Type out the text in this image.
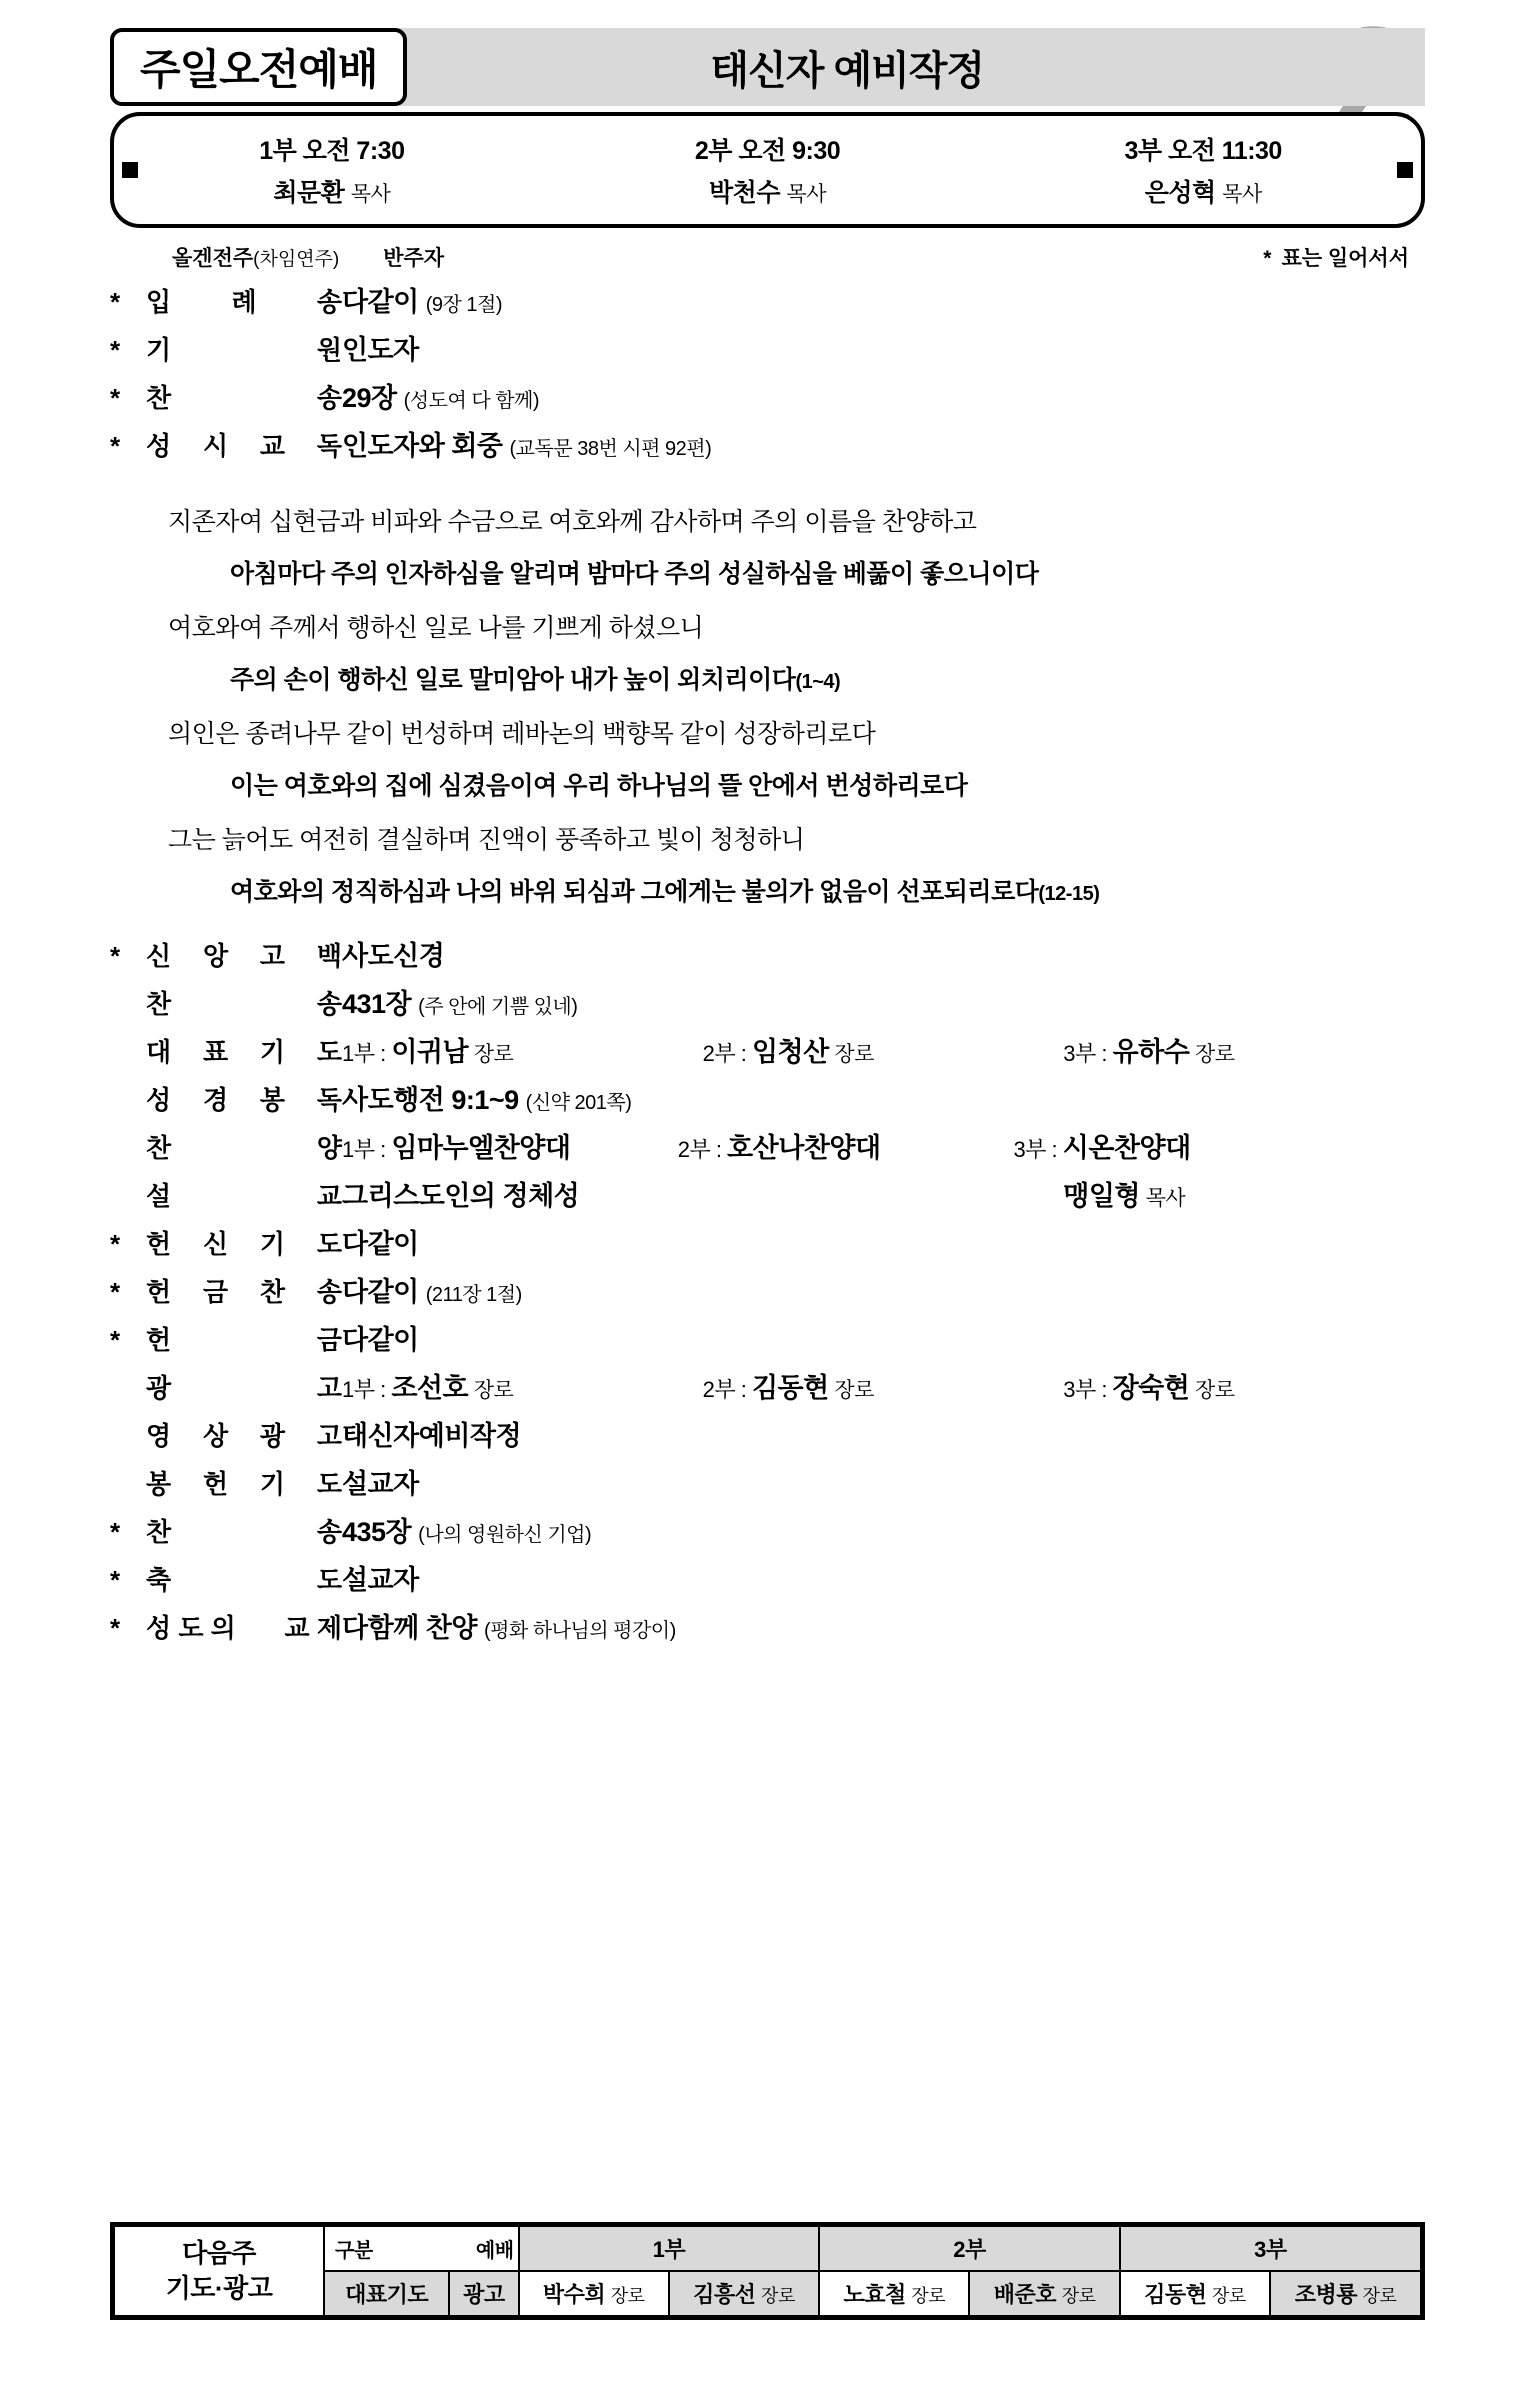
주일오전예배	태신자 예비작정
1부 오전 7:30
최문환 목사
2부 오전 9:30
박천수 목사
3부 오전 11:30
은성혁 목사
올겐전주(차임연주) 반주자	* 표는 일어서서
* 입 례 송 다같이 (9장 1절)
* 기	원 인도자
* 찬	송 29장 (성도여 다 함께)
* 성 시 교 독 인도자와 회중 (교독문 38번 시편 92편)
지존자여 십현금과 비파와 수금으로 여호와께 감사하며 주의 이름을 찬양하고
아침마다 주의 인자하심을 알리며 밤마다 주의 성실하심을 베풂이 좋으니이다
여호와여 주께서 행하신 일로 나를 기쁘게 하셨으니
주의 손이 행하신 일로 말미암아 내가 높이 외치리이다(1~4)
의인은 종려나무 같이 번성하며 레바논의 백향목 같이 성장하리로다
이는 여호와의 집에 심겼음이여 우리 하나님의 뜰 안에서 번성하리로다
그는 늙어도 여전히 결실하며 진액이 풍족하고 빛이 청청하니
여호와의 정직하심과 나의 바위 되심과 그에게는 불의가 없음이 선포되리로다(12-15)
* 신 앙 고 백 사도신경
찬	송 431장 (주 안에 기쁨 있네)
대 표 기 도 1부 : 이귀남 장로	2부 : 임청산 장로	3부 : 유하수 장로
성 경 봉 독 사도행전 9:1~9 (신약 201쪽)
찬	양 1부 : 임마누엘찬양대	2부 : 호산나찬양대	3부 : 시온찬양대
설	교 그리스도인의 정체성	맹일형 목사
* 헌 신 기 도 다같이
* 헌 금 찬 송 다같이 (211장 1절)
* 헌	금 다같이
광	고 1부 : 조선호 장로	2부 : 김동현 장로	3부 : 장숙현 장로
영 상 광 고 태신자예비작정
봉 헌 기 도 설교자
* 찬	송 435장 (나의 영원하신 기업)
* 축	도 설교자
* 성 도 의 교 제 다함께 찬양 (평화 하나님의 평강이)
다음주
기도·광고	구분 예배		1부		2부		3부	
	대표기도	광고	박수희 장로	김흥선 장로	노효철 장로	배준호 장로	김동현 장로	조병룡 장로
